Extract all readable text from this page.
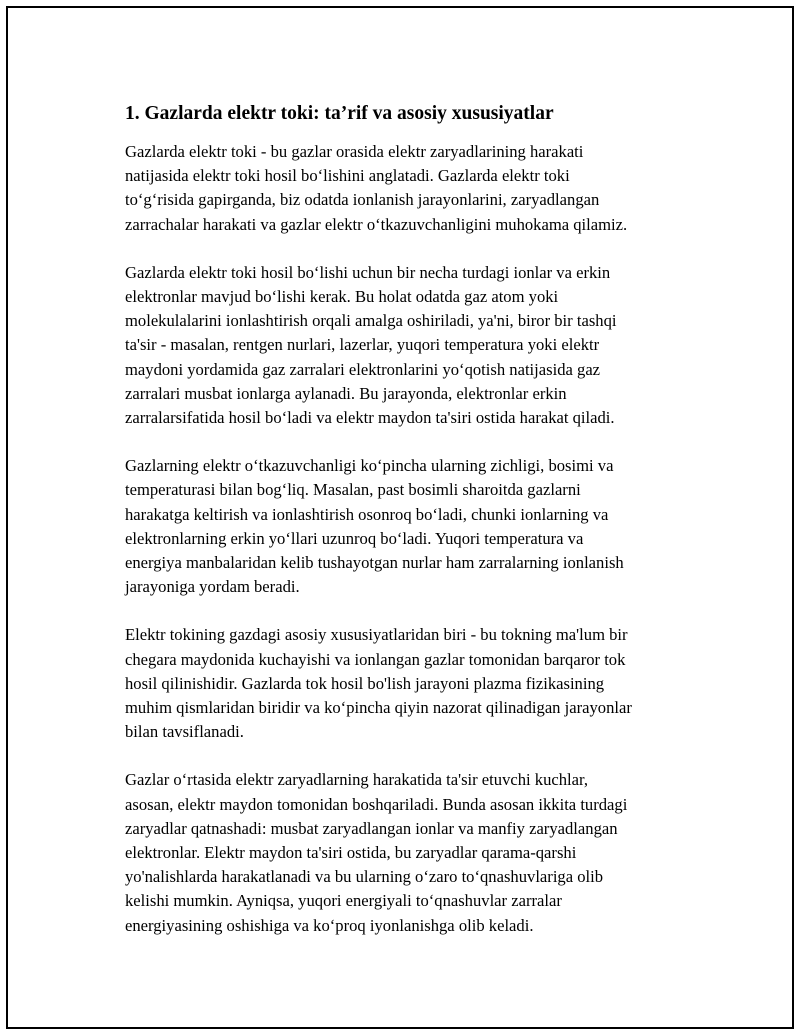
1. Gazlarda elektr toki: ta’rif va asosiy xususiyatlar

Gazlarda elektr toki - bu gazlar orasida elektr zaryadlarining harakati
natijasida elektr toki hosil boʻlishini anglatadi. Gazlarda elektr toki
toʻgʻrisida gapirganda, biz odatda ionlanish jarayonlarini, zaryadlangan
zarrachalar harakati va gazlar elektr oʻtkazuvchanligini muhokama qilamiz.

Gazlarda elektr toki hosil boʻlishi uchun bir necha turdagi ionlar va erkin
elektronlar mavjud boʻlishi kerak. Bu holat odatda gaz atom yoki
molekulalarini ionlashtirish orqali amalga oshiriladi, ya'ni, biror bir tashqi
ta'sir - masalan, rentgen nurlari, lazerlar, yuqori temperatura yoki elektr
maydoni yordamida gaz zarralari elektronlarini yoʻqotish natijasida gaz
zarralari musbat ionlarga aylanadi. Bu jarayonda, elektronlar erkin
zarralarsifatida hosil boʻladi va elektr maydon ta'siri ostida harakat qiladi.

Gazlarning elektr oʻtkazuvchanligi koʻpincha ularning zichligi, bosimi va
temperaturasi bilan bogʻliq. Masalan, past bosimli sharoitda gazlarni
harakatga keltirish va ionlashtirish osonroq boʻladi, chunki ionlarning va
elektronlarning erkin yoʻllari uzunroq boʻladi. Yuqori temperatura va
energiya manbalaridan kelib tushayotgan nurlar ham zarralarning ionlanish
jarayoniga yordam beradi.

Elektr tokining gazdagi asosiy xususiyatlaridan biri - bu tokning ma'lum bir
chegara maydonida kuchayishi va ionlangan gazlar tomonidan barqaror tok
hosil qilinishidir. Gazlarda tok hosil bo'lish jarayoni plazma fizikasining
muhim qismlaridan biridir va koʻpincha qiyin nazorat qilinadigan jarayonlar
bilan tavsiflanadi.

Gazlar oʻrtasida elektr zaryadlarning harakatida ta'sir etuvchi kuchlar,
asosan, elektr maydon tomonidan boshqariladi. Bunda asosan ikkita turdagi
zaryadlar qatnashadi: musbat zaryadlangan ionlar va manfiy zaryadlangan
elektronlar. Elektr maydon ta'siri ostida, bu zaryadlar qarama-qarshi
yo'nalishlarda harakatlanadi va bu ularning oʻzaro toʻqnashuvlariga olib
kelishi mumkin. Ayniqsa, yuqori energiyali toʻqnashuvlar zarralar
energiyasining oshishiga va koʻproq iyonlanishga olib keladi.
